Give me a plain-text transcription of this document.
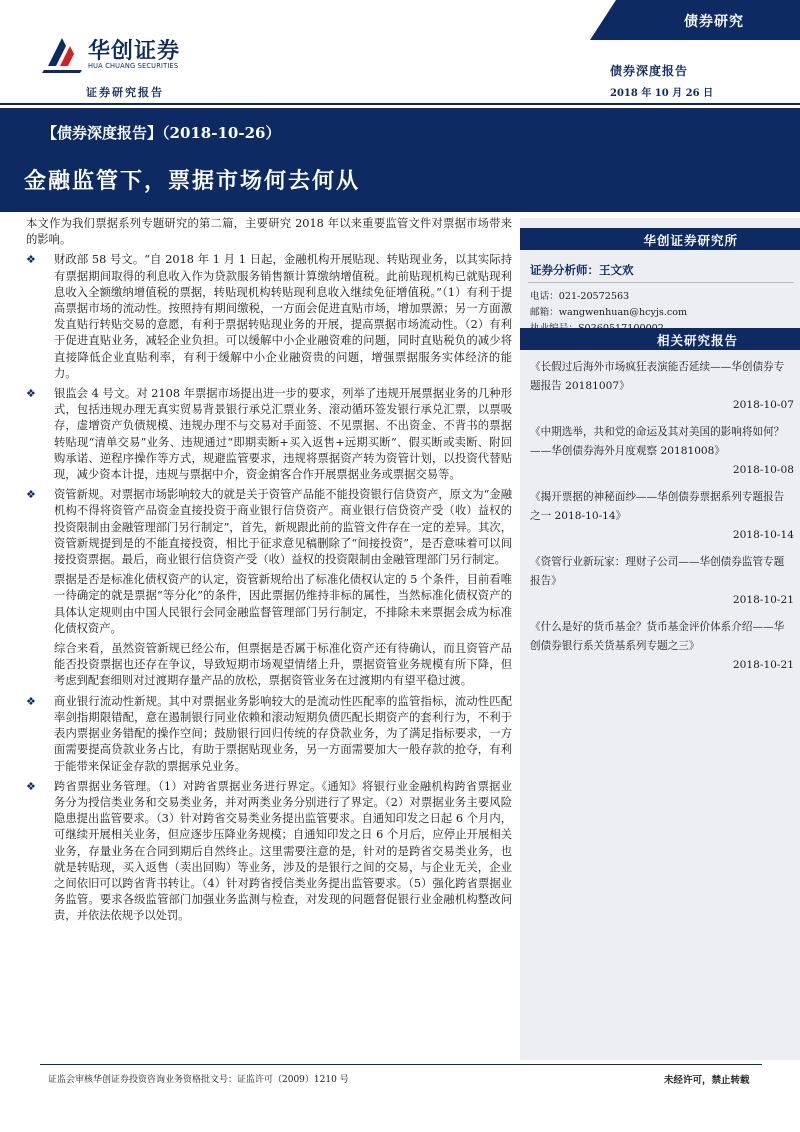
华创证券
HUA CHUANG SECURITIES
证券研究报告
债券研究
债券深度报告
2018 年 10 月 26 日
【债券深度报告】（2018-10-26）
金融监管下，票据市场何去何从

本文作为我们票据系列专题研究的第二篇，主要研究 2018 年以来重要监管文件对票据市场带来的影响。

❖	财政部 58 号文。“自 2018 年 1 月 1 日起，金融机构开展贴现、转贴现业务，以其实际持有票据期间取得的利息收入作为贷款服务销售额计算缴纳增值税。此前贴现机构已就贴现利息收入全额缴纳增值税的票据，转贴现机构转贴现利息收入继续免征增值税。”（1）有利于提高票据市场的流动性。按照持有期间缴税，一方面会促进直贴市场，增加票源；另一方面激发直贴行转贴交易的意愿，有利于票据转贴现业务的开展，提高票据市场流动性。（2）有利于促进直贴业务，减轻企业负担。可以缓解中小企业融资难的问题，同时直贴税负的减少将直接降低企业直贴利率，有利于缓解中小企业融资贵的问题，增强票据服务实体经济的能力。

❖	银监会 4 号文。对 2108 年票据市场提出进一步的要求，列举了违规开展票据业务的几种形式，包括违规办理无真实贸易背景银行承兑汇票业务、滚动循环签发银行承兑汇票，以票吸存，虚增资产负债规模、违规办理不与交易对手面签、不见票据、不出资金、不背书的票据转贴现“清单交易”业务、违规通过“即期卖断+买入返售+远期买断”、假买断或卖断、附回购承诺、逆程序操作等方式，规避监管要求，违规将票据资产转为资管计划，以投资代替贴现，减少资本计提，违规与票据中介，资金掮客合作开展票据业务或票据交易等。

❖	资管新规。对票据市场影响较大的就是关于资管产品能不能投资银行信贷资产，原文为“金融机构不得将资管产品资金直接投资于商业银行信贷资产。商业银行信贷资产受（收）益权的投资限制由金融管理部门另行制定”，首先，新规跟此前的监管文件存在一定的差异。其次，资管新规提到是的不能直接投资，相比于征求意见稿删除了“间接投资”，是否意味着可以间接投资票据。最后，商业银行信贷资产受（收）益权的投资限制由金融管理部门另行制定。

票据是否是标准化债权资产的认定，资管新规给出了标准化债权认定的 5 个条件，目前看唯一待确定的就是票据“等分化”的条件，因此票据仍维持非标的属性，当然标准化债权资产的具体认定规则由中国人民银行会同金融监督管理部门另行制定，不排除未来票据会成为标准化债权资产。

综合来看，虽然资管新规已经公布，但票据是否属于标准化资产还有待确认，而且资管产品能否投资票据也还存在争议，导致短期市场观望情绪上升，票据资管业务规模有所下降，但考虑到配套细则对过渡期存量产品的放松，票据资管业务在过渡期内有望平稳过渡。

❖	商业银行流动性新规。其中对票据业务影响较大的是流动性匹配率的监管指标，流动性匹配率剑指期限错配，意在遏制银行同业依赖和滚动短期负债匹配长期资产的套利行为，不利于表内票据业务错配的操作空间；鼓励银行回归传统的存贷款业务，为了满足指标要求，一方面需要提高贷款业务占比，有助于票据贴现业务，另一方面需要加大一般存款的抢夺，有利于能带来保证金存款的票据承兑业务。

❖	跨省票据业务管理。（1）对跨省票据业务进行界定。《通知》将银行业金融机构跨省票据业务分为授信类业务和交易类业务，并对两类业务分别进行了界定。（2）对票据业务主要风险隐患提出监管要求。（3）针对跨省交易类业务提出监管要求。自通知印发之日起 6 个月内，可继续开展相关业务，但应逐步压降业务规模；自通知印发之日 6 个月后，应停止开展相关业务，存量业务在合同到期后自然终止。这里需要注意的是，针对的是跨省交易类业务，也就是转贴现，买入返售（卖出回购）等业务，涉及的是银行之间的交易，与企业无关，企业之间依旧可以跨省背书转让。（4）针对跨省授信类业务提出监管要求。（5）强化跨省票据业务监管。要求各级监管部门加强业务监测与检查，对发现的问题督促银行业金融机构整改问责，并依法依规予以处罚。

华创证券研究所
证券分析师：王文欢
电话：021-20572563
邮箱：wangwenhuan@hcyjs.com
相关研究报告

《长假过后海外市场疯狂表演能否延续——华创债券专题报告 20181007》

2018-10-07

《中期选举，共和党的命运及其对美国的影响将如何？——华创债券海外月度观察 20181008》

2018-10-08

《揭开票据的神秘面纱——华创债券票据系列专题报告之一 2018-10-14》

2018-10-14

《资管行业新玩家：理财子公司——华创债券监管专题报告》

2018-10-21

《什么是好的货币基金？货币基金评价体系介绍——华创债券银行系关货基系列专题之三》

2018-10-21

证监会审核华创证券投资咨询业务资格批文号：证监许可（2009）1210 号	未经许可，禁止转载
